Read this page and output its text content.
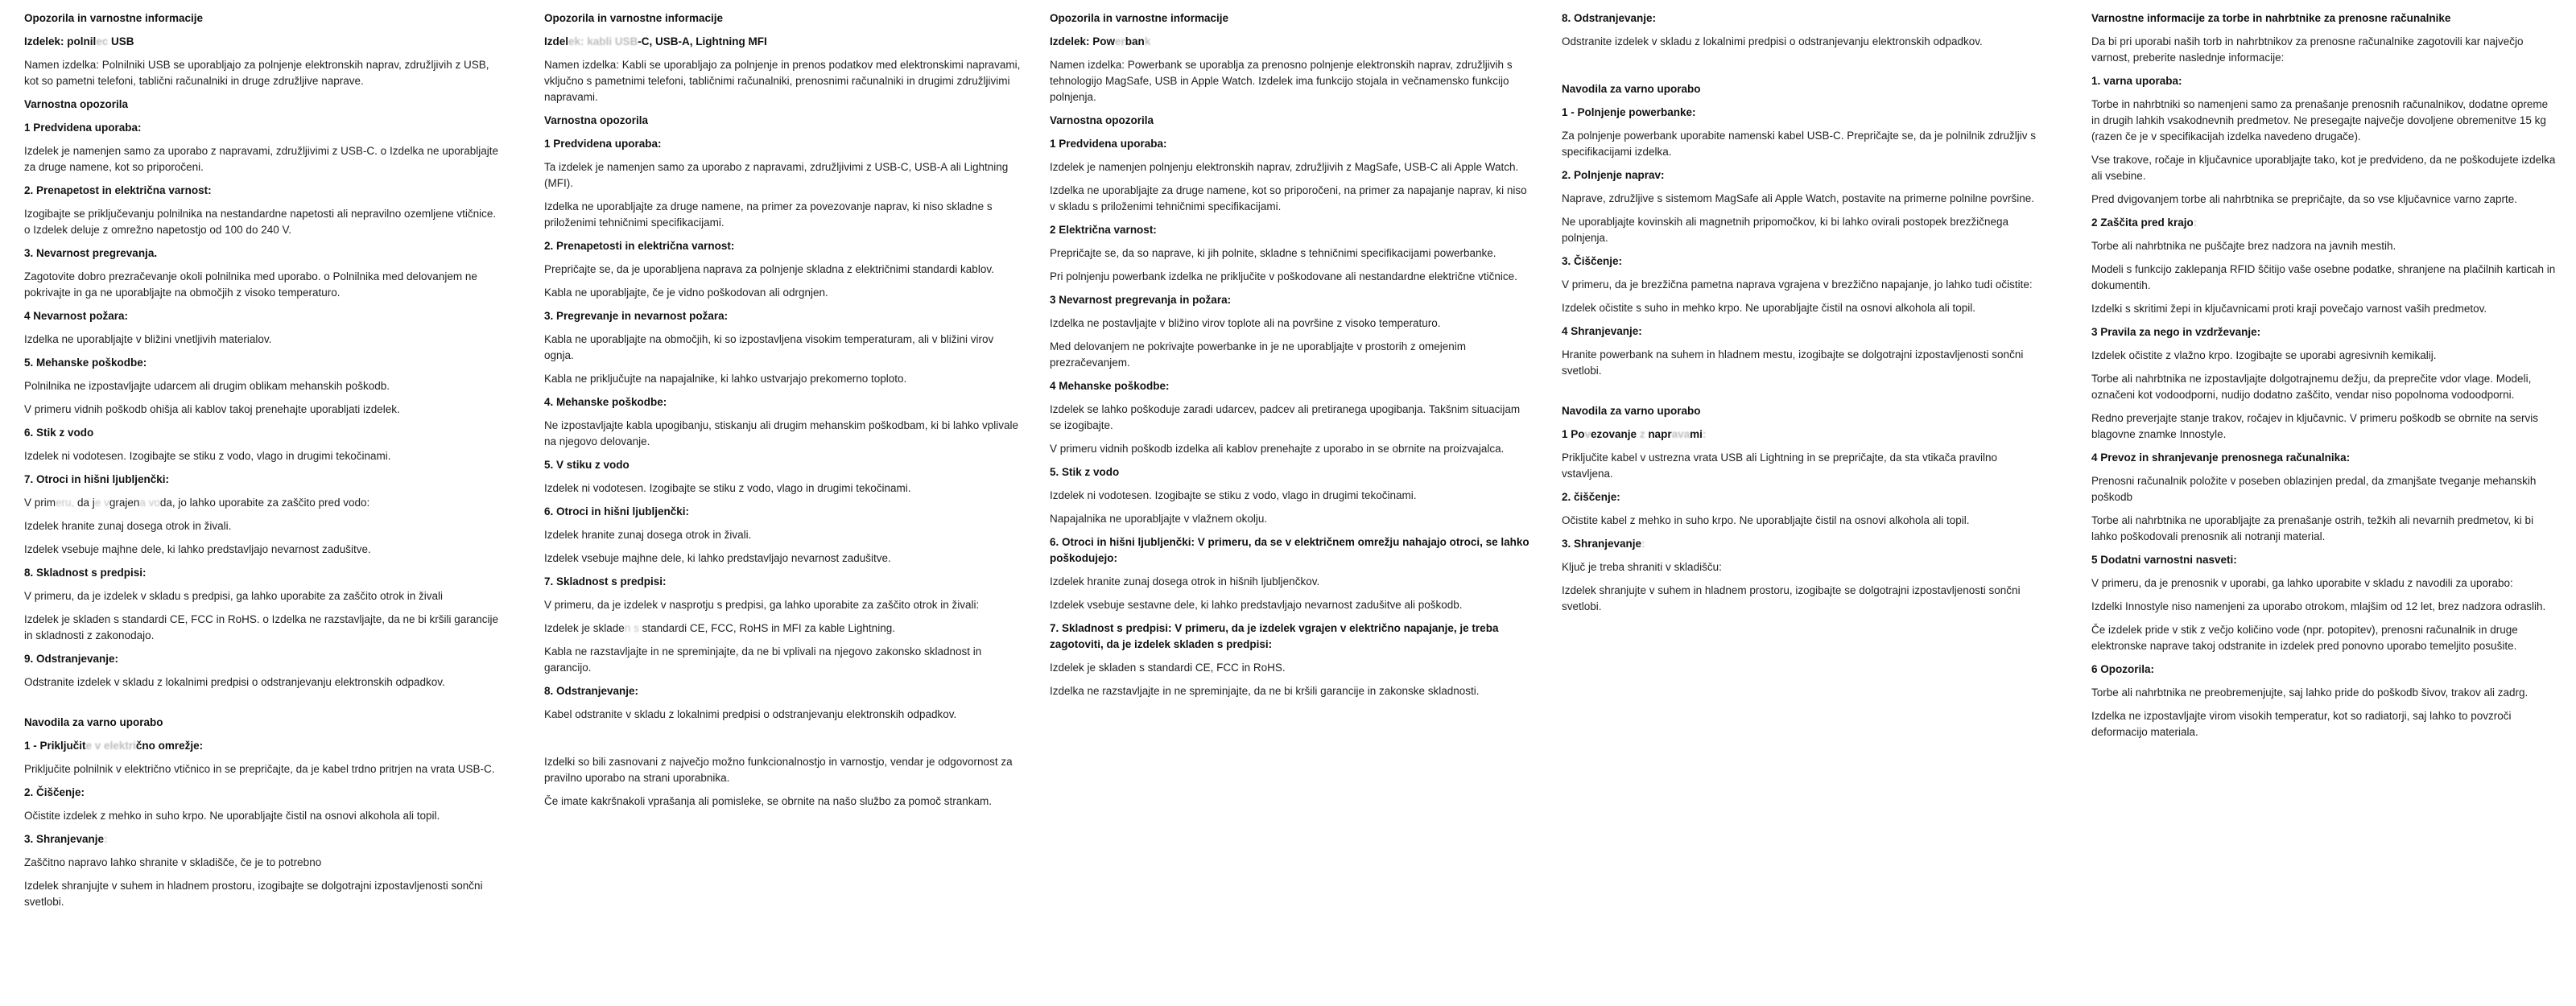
Opozorila in varnostne informacije
Izdelek: polnilec USB

Namen izdelka: Polnilniki USB se uporabljajo za polnjenje elektronskih naprav, združljivih z USB, kot so pametni telefoni, tablični računalniki in druge združljive naprave.

Varnostna opozorila
1 Predvidena uporaba:

Izdelek je namenjen samo za uporabo z napravami, združljivimi z USB-C. o Izdelka ne uporabljajte za druge namene, kot so priporočeni.

2. Prenapetost in električna varnost:

Izogibajte se priključevanju polnilnika na nestandardne napetosti ali nepravilno ozemljene vtičnice. o Izdelek deluje z omrežno napetostjo od 100 do 240 V.

3. Nevarnost pregrevanja.

Zagotovite dobro prezračevanje okoli polnilnika med uporabo. o Polnilnika med delovanjem ne pokrivajte in ga ne uporabljajte na območjih z visoko temperaturo.

4 Nevarnost požara:

Izdelka ne uporabljajte v bližini vnetljivih materialov.

5. Mehanske poškodbe:

Polnilnika ne izpostavljajte udarcem ali drugim oblikam mehanskih poškodb.

V primeru vidnih poškodb ohišja ali kablov takoj prenehajte uporabljati izdelek.

6. Stik z vodo

Izdelek ni vodotesen. Izogibajte se stiku z vodo, vlago in drugimi tekočinami.

7. Otroci in hišni ljubljenčki:

V primeru, da je vgrajena voda, jo lahko uporabite za zaščito pred vodo:

Izdelek hranite zunaj dosega otrok in živali.

Izdelek vsebuje majhne dele, ki lahko predstavljajo nevarnost zadušitve.

8. Skladnost s predpisi:

V primeru, da je izdelek v skladu s predpisi, ga lahko uporabite za zaščito otrok in živali

Izdelek je skladen s standardi CE, FCC in RoHS. o Izdelka ne razstavljajte, da ne bi kršili garancije in skladnosti z zakonodajo.

9. Odstranjevanje:

Odstranite izdelek v skladu z lokalnimi predpisi o odstranjevanju elektronskih odpadkov.

Navodila za varno uporabo
1 - Priključite v električno omrežje:

Priključite polnilnik v električno vtičnico in se prepričajte, da je kabel trdno pritrjen na vrata USB-C.

2. Čiščenje:

Očistite izdelek z mehko in suho krpo. Ne uporabljajte čistil na osnovi alkohola ali topil.

3. Shranjevanje:

Zaščitno napravo lahko shranite v skladišče, če je to potrebno

Izdelek shranjujte v suhem in hladnem prostoru, izogibajte se dolgotrajni izpostavljenosti sončni svetlobi.

Opozorila in varnostne informacije
Izdelek: kabli USB-C, USB-A, Lightning MFI

Namen izdelka: Kabli se uporabljajo za polnjenje in prenos podatkov med elektronskimi napravami, vključno s pametnimi telefoni, tabličnimi računalniki, prenosnimi računalniki in drugimi združljivimi napravami.

Varnostna opozorila
1 Predvidena uporaba:

Ta izdelek je namenjen samo za uporabo z napravami, združljivimi z USB-C, USB-A ali Lightning (MFI).

Izdelka ne uporabljajte za druge namene, na primer za povezovanje naprav, ki niso skladne s priloženimi tehničnimi specifikacijami.

2. Prenapetosti in električna varnost:

Prepričajte se, da je uporabljena naprava za polnjenje skladna z električnimi standardi kablov.

Kabla ne uporabljajte, če je vidno poškodovan ali odrgnjen.

3. Pregrevanje in nevarnost požara:

Kabla ne uporabljajte na območjih, ki so izpostavljena visokim temperaturam, ali v bližini virov ognja.

Kabla ne priključujte na napajalnike, ki lahko ustvarjajo prekomerno toploto.

4. Mehanske poškodbe:

Ne izpostavljajte kabla upogibanju, stiskanju ali drugim mehanskim poškodbam, ki bi lahko vplivale na njegovo delovanje.

5. V stiku z vodo

Izdelek ni vodotesen. Izogibajte se stiku z vodo, vlago in drugimi tekočinami.

6. Otroci in hišni ljubljenčki:

Izdelek hranite zunaj dosega otrok in živali.

Izdelek vsebuje majhne dele, ki lahko predstavljajo nevarnost zadušitve.

7. Skladnost s predpisi:

V primeru, da je izdelek v nasprotju s predpisi, ga lahko uporabite za zaščito otrok in živali:

Izdelek je skladen s standardi CE, FCC, RoHS in MFI za kable Lightning.

Kabla ne razstavljajte in ne spreminjajte, da ne bi vplivali na njegovo zakonsko skladnost in garancijo.

8. Odstranjevanje:

Kabel odstranite v skladu z lokalnimi predpisi o odstranjevanju elektronskih odpadkov.

Izdelki so bili zasnovani z največjo možno funkcionalnostjo in varnostjo, vendar je odgovornost za pravilno uporabo na strani uporabnika.

Če imate kakršnakoli vprašanja ali pomisleke, se obrnite na našo službo za pomoč strankam.

Opozorila in varnostne informacije
Izdelek: Powerbank

Namen izdelka: Powerbank se uporablja za prenosno polnjenje elektronskih naprav, združljivih s tehnologijo MagSafe, USB in Apple Watch. Izdelek ima funkcijo stojala in večnamensko funkcijo polnjenja.

Varnostna opozorila
1 Predvidena uporaba:

Izdelek je namenjen polnjenju elektronskih naprav, združljivih z MagSafe, USB-C ali Apple Watch.

Izdelka ne uporabljajte za druge namene, kot so priporočeni, na primer za napajanje naprav, ki niso v skladu s priloženimi tehničnimi specifikacijami.

2 Električna varnost:

Prepričajte se, da so naprave, ki jih polnite, skladne s tehničnimi specifikacijami powerbanke.

Pri polnjenju powerbank izdelka ne priključite v poškodovane ali nestandardne električne vtičnice.

3 Nevarnost pregrevanja in požara:

Izdelka ne postavljajte v bližino virov toplote ali na površine z visoko temperaturo.

Med delovanjem ne pokrivajte powerbanke in je ne uporabljajte v prostorih z omejenim prezračevanjem.

4 Mehanske poškodbe:

Izdelek se lahko poškoduje zaradi udarcev, padcev ali pretiranega upogibanja. Takšnim situacijam se izogibajte.

V primeru vidnih poškodb izdelka ali kablov prenehajte z uporabo in se obrnite na proizvajalca.

5. Stik z vodo

Izdelek ni vodotesen. Izogibajte se stiku z vodo, vlago in drugimi tekočinami.

Napajalnika ne uporabljajte v vlažnem okolju.

6. Otroci in hišni ljubljenčki: V primeru, da se v električnem omrežju nahajajo otroci, se lahko poškodujejo:

Izdelek hranite zunaj dosega otrok in hišnih ljubljenčkov.

Izdelek vsebuje sestavne dele, ki lahko predstavljajo nevarnost zadušitve ali poškodb.

7. Skladnost s predpisi: V primeru, da je izdelek vgrajen v električno napajanje, je treba zagotoviti, da je izdelek skladen s predpisi:

Izdelek je skladen s standardi CE, FCC in RoHS.

Izdelka ne razstavljajte in ne spreminjajte, da ne bi kršili garancije in zakonske skladnosti.

8. Odstranjevanje:

Odstranite izdelek v skladu z lokalnimi predpisi o odstranjevanju elektronskih odpadkov.

Navodila za varno uporabo
1 - Polnjenje powerbanke:

Za polnjenje powerbank uporabite namenski kabel USB-C. Prepričajte se, da je polnilnik združljiv s specifikacijami izdelka.

2. Polnjenje naprav:

Naprave, združljive s sistemom MagSafe ali Apple Watch, postavite na primerne polnilne površine.

Ne uporabljajte kovinskih ali magnetnih pripomočkov, ki bi lahko ovirali postopek brezžičnega polnjenja.

3. Čiščenje:

V primeru, da je brezžična pametna naprava vgrajena v brezžično napajanje, jo lahko tudi očistite:

Izdelek očistite s suho in mehko krpo. Ne uporabljajte čistil na osnovi alkohola ali topil.

4 Shranjevanje:

Hranite powerbank na suhem in hladnem mestu, izogibajte se dolgotrajni izpostavljenosti sončni svetlobi.

Navodila za varno uporabo
1 Povezovanje z napravami:

Priključite kabel v ustrezna vrata USB ali Lightning in se prepričajte, da sta vtikača pravilno vstavljena.

2. čiščenje:

Očistite kabel z mehko in suho krpo. Ne uporabljajte čistil na osnovi alkohola ali topil.

3. Shranjevanje:

Ključ je treba shraniti v skladišču:

Izdelek shranjujte v suhem in hladnem prostoru, izogibajte se dolgotrajni izpostavljenosti sončni svetlobi.

Varnostne informacije za torbe in nahrbtnike za prenosne računalnike

Da bi pri uporabi naših torb in nahrbtnikov za prenosne računalnike zagotovili kar največjo varnost, preberite naslednje informacije:

1. varna uporaba:

Torbe in nahrbtniki so namenjeni samo za prenašanje prenosnih računalnikov, dodatne opreme in drugih lahkih vsakodnevnih predmetov. Ne presegajte največje dovoljene obremenitve 15 kg (razen če je v specifikacijah izdelka navedeno drugače).

Vse trakove, ročaje in ključavnice uporabljajte tako, kot je predvideno, da ne poškodujete izdelka ali vsebine.

Pred dvigovanjem torbe ali nahrbtnika se prepričajte, da so vse ključavnice varno zaprte.

2 Zaščita pred krajo:

Torbe ali nahrbtnika ne puščajte brez nadzora na javnih mestih.

Modeli s funkcijo zaklepanja RFID ščitijo vaše osebne podatke, shranjene na plačilnih karticah in dokumentih.

Izdelki s skritimi žepi in ključavnicami proti kraji povečajo varnost vaših predmetov.

3 Pravila za nego in vzdrževanje:

Izdelek očistite z vlažno krpo. Izogibajte se uporabi agresivnih kemikalij.

Torbe ali nahrbtnika ne izpostavljajte dolgotrajnemu dežju, da preprečite vdor vlage. Modeli, označeni kot vodoodporni, nudijo dodatno zaščito, vendar niso popolnoma vodoodporni.

Redno preverjajte stanje trakov, ročajev in ključavnic. V primeru poškodb se obrnite na servis blagovne znamke Innostyle.

4 Prevoz in shranjevanje prenosnega računalnika:

Prenosni računalnik položite v poseben oblazinjen predal, da zmanjšate tveganje mehanskih poškodb

Torbe ali nahrbtnika ne uporabljajte za prenašanje ostrih, težkih ali nevarnih predmetov, ki bi lahko poškodovali prenosnik ali notranji material.

5 Dodatni varnostni nasveti:

V primeru, da je prenosnik v uporabi, ga lahko uporabite v skladu z navodili za uporabo:

Izdelki Innostyle niso namenjeni za uporabo otrokom, mlajšim od 12 let, brez nadzora odraslih.

Če izdelek pride v stik z večjo količino vode (npr. potopitev), prenosni računalnik in druge elektronske naprave takoj odstranite in izdelek pred ponovno uporabo temeljito posušite.

6 Opozorila:

Torbe ali nahrbtnika ne preobremenjujte, saj lahko pride do poškodb šivov, trakov ali zadrg.

Izdelka ne izpostavljajte virom visokih temperatur, kot so radiatorji, saj lahko to povzroči deformacijo materiala.
